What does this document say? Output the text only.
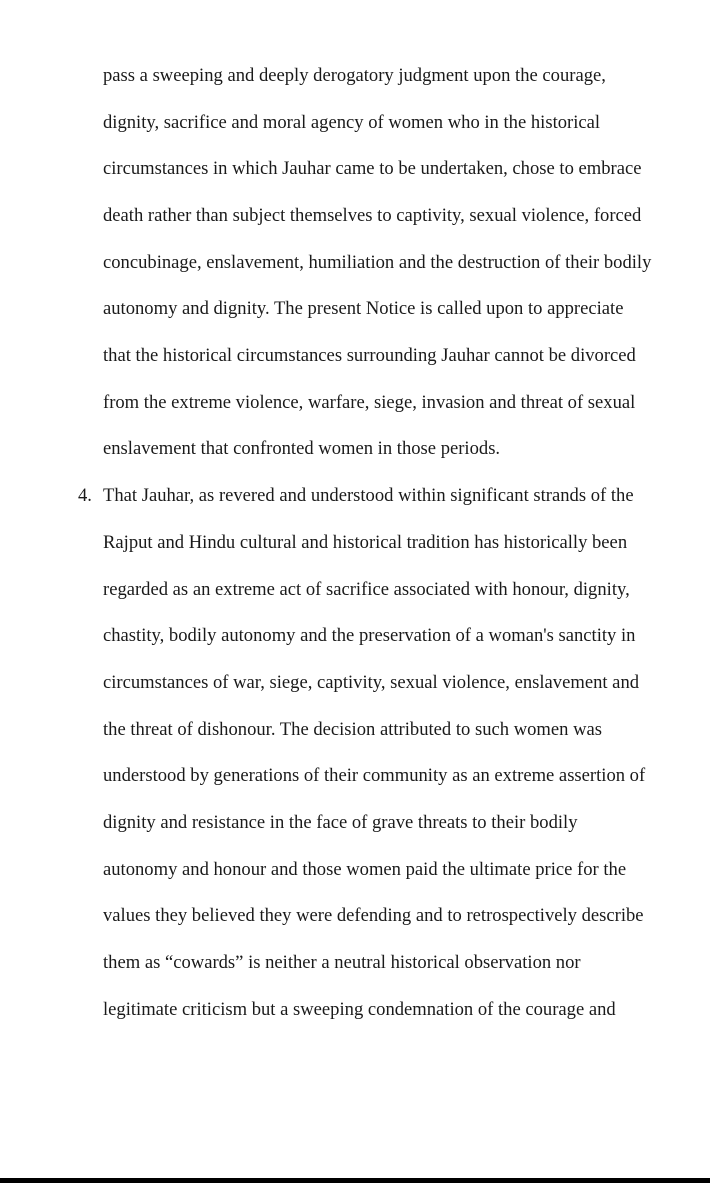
pass a sweeping and deeply derogatory judgment upon the courage,
dignity, sacrifice and moral agency of women who in the historical
circumstances in which Jauhar came to be undertaken, chose to embrace
death rather than subject themselves to captivity, sexual violence, forced
concubinage, enslavement, humiliation and the destruction of their bodily
autonomy and dignity. The present Notice is called upon to appreciate
that the historical circumstances surrounding Jauhar cannot be divorced
from the extreme violence, warfare, siege, invasion and threat of sexual
enslavement that confronted women in those periods.
4. That Jauhar, as revered and understood within significant strands of the
Rajput and Hindu cultural and historical tradition has historically been
regarded as an extreme act of sacrifice associated with honour, dignity,
chastity, bodily autonomy and the preservation of a woman's sanctity in
circumstances of war, siege, captivity, sexual violence, enslavement and
the threat of dishonour. The decision attributed to such women was
understood by generations of their community as an extreme assertion of
dignity and resistance in the face of grave threats to their bodily
autonomy and honour and those women paid the ultimate price for the
values they believed they were defending and to retrospectively describe
them as “cowards” is neither a neutral historical observation nor
legitimate criticism but a sweeping condemnation of the courage and
